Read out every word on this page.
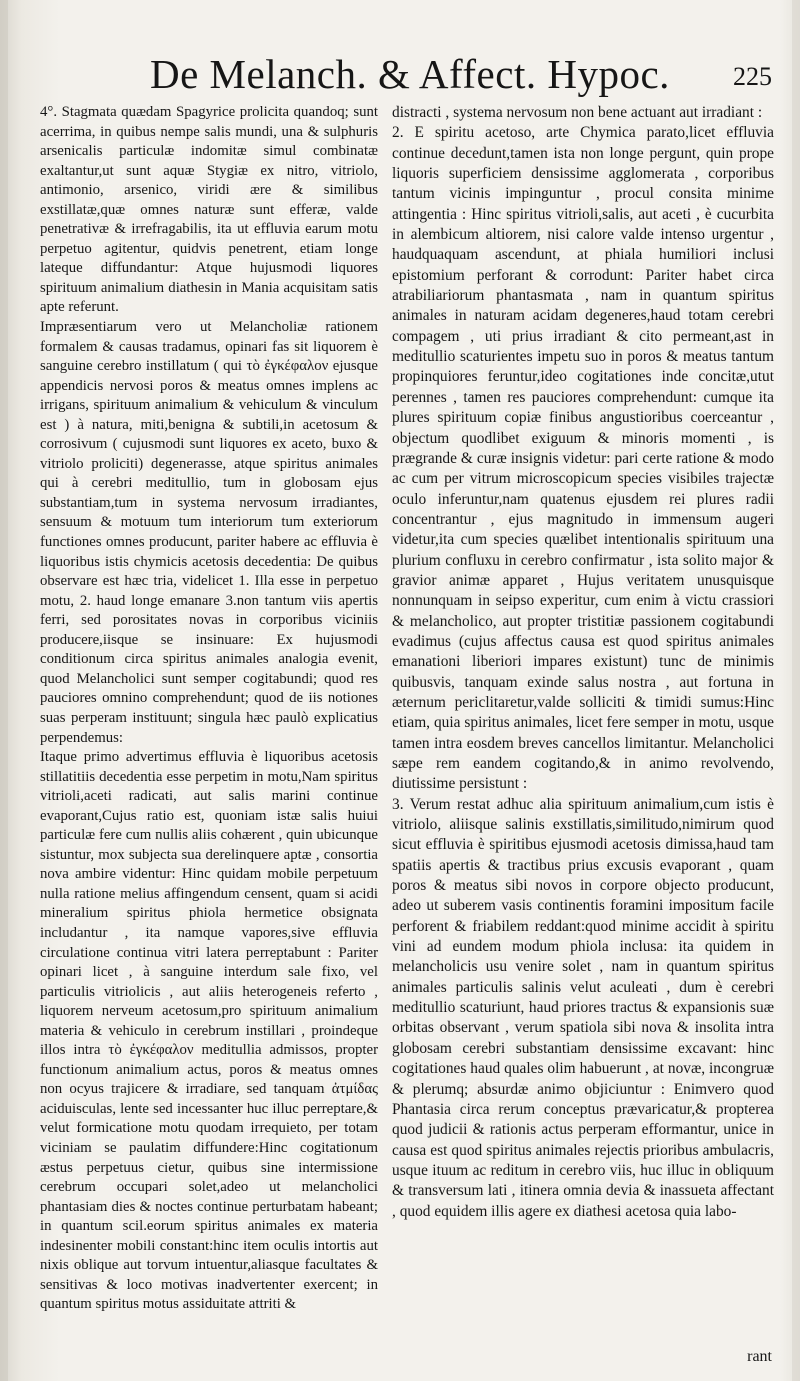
De Melanch. & Affect. Hypoc. 225

4°. Stagmata quædam Spagyrice prolicita quandoq; sunt acerrima, in quibus nempe salis mundi, una & sulphuris arsenicalis particulæ indomitæ simul combinatæ exaltantur,ut sunt aquæ Stygiæ ex nitro, vitriolo, antimonio, arsenico, viridi ære & similibus exstillatæ,quæ omnes naturæ sunt efferæ, valde penetrativæ & irrefragabilis, ita ut effluvia earum motu perpetuo agitentur, quidvis penetrent, etiam longe lateque diffundantur: Atque hujusmodi liquores spirituum animalium diathesin in Mania acquisitam satis apte referunt.

Impræsentiarum vero ut Melancholiæ rationem formalem & causas tradamus, opinari fas sit liquorem è sanguine cerebro instillatum ( qui τὸ ἐγκέφαλον ejusque appendicis nervosi poros & meatus omnes implens ac irrigans, spirituum animalium & vehiculum & vinculum est ) à natura, miti,benigna & subtili,in acetosum & corrosivum ( cujusmodi sunt liquores ex aceto, buxo & vitriolo proliciti) degenerasse, atque spiritus animales qui à cerebri meditullio, tum in globosam ejus substantiam,tum in systema nervosum irradiantes, sensuum & motuum tum interiorum tum exteriorum functiones omnes producunt, pariter habere ac effluvia è liquoribus istis chymicis acetosis decedentia: De quibus observare est hæc tria, videlicet 1. Illa esse in perpetuo motu, 2. haud longe emanare 3.non tantum viis apertis ferri, sed porositates novas in corporibus viciniis producere,iisque se insinuare: Ex hujusmodi conditionum circa spiritus animales analogia evenit, quod Melancholici sunt semper cogitabundi; quod res pauciores omnino comprehendunt; quod de iis notiones suas perperam instituunt; singula hæc paulò explicatius perpendemus:

Itaque primo advertimus effluvia è liquoribus acetosis stillatitiis decedentia esse perpetim in motu,Nam spiritus vitrioli,aceti radicati, aut salis marini continue evaporant,Cujus ratio est, quoniam istæ salis huiui particulæ fere cum nullis aliis cohærent , quin ubicunque sistuntur, mox subjecta sua derelinquere aptæ , consortia nova ambire videntur: Hinc quidam mobile perpetuum nulla ratione melius affingendum censent, quam si acidi mineralium spiritus phiola hermetice obsignata includantur , ita namque vapores,sive effluvia circulatione continua vitri latera perreptabunt : Pariter opinari licet , à sanguine interdum sale fixo, vel particulis vitriolicis , aut aliis heterogeneis referto , liquorem nerveum acetosum,pro spirituum animalium materia & vehiculo in cerebrum instillari , proindeque illos intra τὸ ἐγκέφαλον meditullia admissos, propter functionum animalium actus, poros & meatus omnes non ocyus trajicere & irradiare, sed tanquam ἀτμίδας aciduisculas, lente sed incessanter huc illuc perreptare,& velut formicatione motu quodam irrequieto, per totam viciniam se paulatim diffundere:Hinc cogitationum æstus perpetuus cietur, quibus sine intermissione cerebrum occupari solet,adeo ut melancholici phantasiam dies & noctes continue perturbatam habeant; in quantum scil.eorum spiritus animales ex materia indesinenter mobili constant:hinc item oculis intortis aut nixis oblique aut torvum intuentur,aliasque facultates & sensitivas & loco motivas inadvertenter exercent; in quantum spiritus motus assiduitate attriti &

distracti , systema nervosum non bene actuant aut irradiant :

2. E spiritu acetoso, arte Chymica parato,licet effluvia continue decedunt,tamen ista non longe pergunt, quin prope liquoris superficiem densissime agglomerata , corporibus tantum vicinis impinguntur , procul consita minime attingentia : Hinc spiritus vitrioli,salis, aut aceti , è cucurbita in alembicum altiorem, nisi calore valde intenso urgentur , haudquaquam ascendunt, at phiala humiliori inclusi epistomium perforant & corrodunt: Pariter habet circa atrabiliariorum phantasmata , nam in quantum spiritus animales in naturam acidam degeneres,haud totam cerebri compagem , uti prius irradiant & cito permeant,ast in meditullio scaturientes impetu suo in poros & meatus tantum propinquiores feruntur,ideo cogitationes inde concitæ,utut perennes , tamen res pauciores comprehendunt: cumque ita plures spirituum copiæ finibus angustioribus coerceantur , objectum quodlibet exiguum & minoris momenti , is prægrande & curæ insignis videtur: pari certe ratione & modo ac cum per vitrum microscopicum species visibiles trajectæ oculo inferuntur,nam quatenus ejusdem rei plures radii concentrantur , ejus magnitudo in immensum augeri videtur,ita cum species quælibet intentionalis spirituum una plurium confluxu in cerebro confirmatur , ista solito major & gravior animæ apparet , Hujus veritatem unusquisque nonnunquam in seipso experitur, cum enim à victu crassiori & melancholico, aut propter tristitiæ passionem cogitabundi evadimus (cujus affectus causa est quod spiritus animales emanationi liberiori impares existunt) tunc de minimis quibusvis, tanquam exinde salus nostra , aut fortuna in æternum periclitaretur,valde solliciti & timidi sumus:Hinc etiam, quia spiritus animales, licet fere semper in motu, usque tamen intra eosdem breves cancellos limitantur. Melancholici sæpe rem eandem cogitando,& in animo revolvendo, diutissime persistunt :

3. Verum restat adhuc alia spirituum animalium,cum istis è vitriolo, aliisque salinis exstillatis,similitudo,nimirum quod sicut effluvia è spiritibus ejusmodi acetosis dimissa,haud tam spatiis apertis & tractibus prius excusis evaporant , quam poros & meatus sibi novos in corpore objecto producunt, adeo ut suberem vasis continentis foramini impositum facile perforent & friabilem reddant:quod minime accidit à spiritu vini ad eundem modum phiola inclusa: ita quidem in melancholicis usu venire solet , nam in quantum spiritus animales particulis salinis velut aculeati , dum è cerebri meditullio scaturiunt, haud priores tractus & expansionis suæ orbitas observant , verum spatiola sibi nova & insolita intra globosam cerebri substantiam densissime excavant: hinc cogitationes haud quales olim habuerunt , at novæ, incongruæ & plerumq; absurdæ animo objiciuntur : Enimvero quod Phantasia circa rerum conceptus prævaricatur,& propterea quod judicii & rationis actus perperam efformantur, unice in causa est quod spiritus animales rejectis prioribus ambulacris, usque ituum ac reditum in cerebro viis, huc illuc in obliquum & transversum lati , itinera omnia devia & inassueta affectant , quod equidem illis agere ex diathesi acetosa quia labo-

rant
